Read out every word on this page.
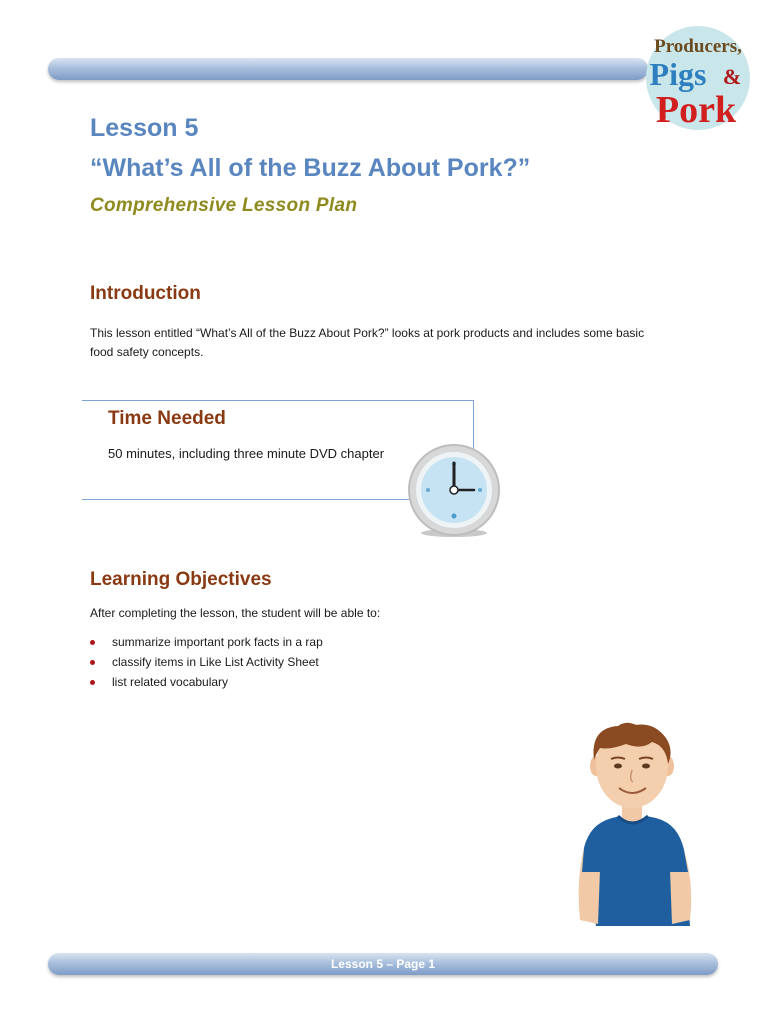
Producers,
Pigs &
Pork
Lesson 5
“What’s All of the Buzz About Pork?”
Comprehensive Lesson Plan
Introduction
This lesson entitled “What’s All of the Buzz About Pork?” looks at pork products and includes some basic
food safety concepts.
Time Needed
50 minutes, including three minute DVD chapter
Learning Objectives
After completing the lesson, the student will be able to:
summarize important pork facts in a rap
classify items in Like List Activity Sheet
list related vocabulary
Lesson 5 – Page 1
